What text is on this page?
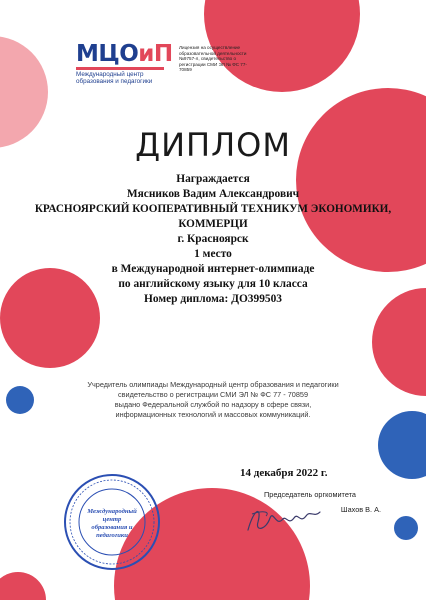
МЦОиП
Международный центр образования и педагогики
Лицензия на осуществление образовательной деятельности №9757-л, свидетельство о регистрации СМИ ЭЛ № ФС 77-70859
ДИПЛОМ
Награждается
Мясников Вадим Александрович
КРАСНОЯРСКИЙ КООПЕРАТИВНЫЙ ТЕХНИКУМ ЭКОНОМИКИ, КОММЕРЦИ
г. Красноярск
1 место
в Международной интернет-олимпиаде
по английскому языку для 10 класса
Номер диплома: ДО399503
Учредитель олимпиады Международный центр образования и педагогики
свидетельство о регистрации СМИ ЭЛ № ФС 77 - 70859
выдано Федеральной службой по надзору в сфере связи,
информационных технологий и массовых коммуникаций.
14 декабря 2022 г.
Председатель оргкомитета
Шахов В. А.
Международный
центр
образования и
педагогики
